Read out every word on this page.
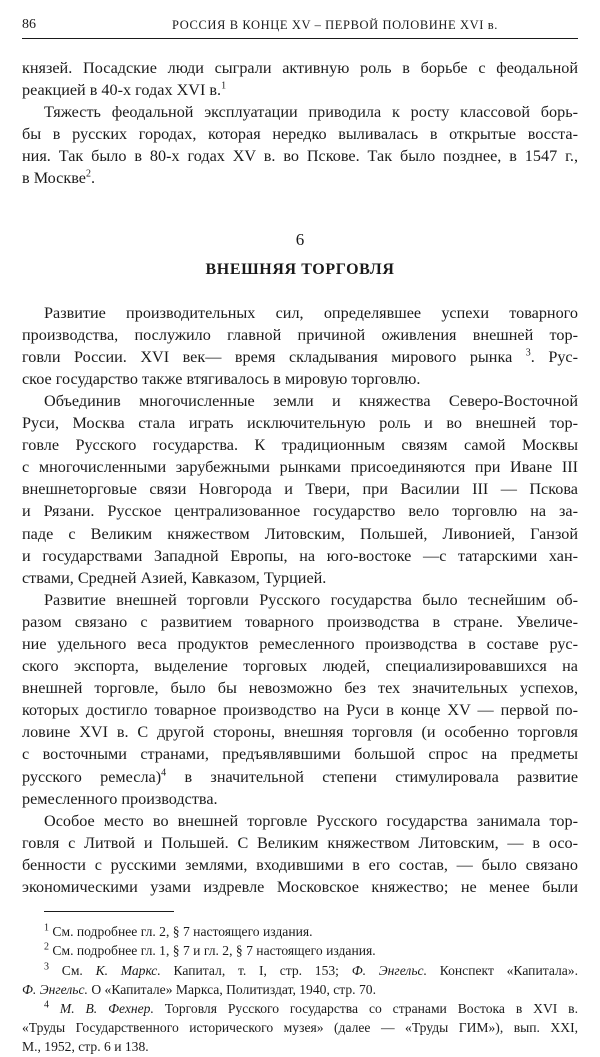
86	РОССИЯ В КОНЦЕ XV – ПЕРВОЙ ПОЛОВИНЕ XVI в.
князей. Посадские люди сыграли активную роль в борьбе с феодальной
реакцией в 40-х годах XVI в.$^1$
Тяжесть феодальной эксплуатации приводила к росту классовой борь-
бы в русских городах, которая нередко выливалась в открытые восста-
ния. Так было в 80-х годах XV в. во Пскове. Так было позднее, в 1547 г.,
в Москве$^2$.
6
ВНЕШНЯЯ ТОРГОВЛЯ
Развитие производительных сил, определявшее успехи товарного
производства, послужило главной причиной оживления внешней тор-
говли России. XVI век— время складывания мирового рынка $^3$. Рус-
ское государство также втягивалось в мировую торговлю.
Объединив многочисленные земли и княжества Северо-Восточной
Руси, Москва стала играть исключительную роль и во внешней тор-
говле Русского государства. К традиционным связям самой Москвы
с многочисленными зарубежными рынками присоединяются при Иване III
внешнеторговые связи Новгорода и Твери, при Василии III — Пскова
и Рязани. Русское централизованное государство вело торговлю на за-
паде с Великим княжеством Литовским, Польшей, Ливонией, Ганзой
и государствами Западной Европы, на юго-востоке —с татарскими хан-
ствами, Средней Азией, Кавказом, Турцией.
Развитие внешней торговли Русского государства было теснейшим об-
разом связано с развитием товарного производства в стране. Увеличе-
ние удельного веса продуктов ремесленного производства в составе рус-
ского экспорта, выделение торговых людей, специализировавшихся на
внешней торговле, было бы невозможно без тех значительных успехов,
которых достигло товарное производство на Руси в конце XV — первой по-
ловине XVI в. С другой стороны, внешняя торговля (и особенно торговля
с восточными странами, предъявлявшими большой спрос на предметы
русского ремесла)$^4$ в значительной степени стимулировала развитие
ремесленного производства.
Особое место во внешней торговле Русского государства занимала тор-
говля с Литвой и Польшей. С Великим княжеством Литовским, — в осо-
бенности с русскими землями, входившими в его состав, — было связано
экономическими узами издревле Московское княжество; не менее были
$^1$ См. подробнее гл. 2, § 7 настоящего издания.
$^2$ См. подробнее гл. 1, § 7 и гл. 2, § 7 настоящего издания.
$^3$ См. К. Маркс. Капитал, т. I, стр. 153; Ф. Энгельс. Конспект «Капитала».
Ф. Энгельс. О «Капитале» Маркса, Политиздат, 1940, стр. 70.
$^4$ М. В. Фехнер. Торговля Русского государства со странами Востока в XVI в.
«Труды Государственного исторического музея» (далее — «Труды ГИМ»), вып. XXI,
М., 1952, стр. 6 и 138.
